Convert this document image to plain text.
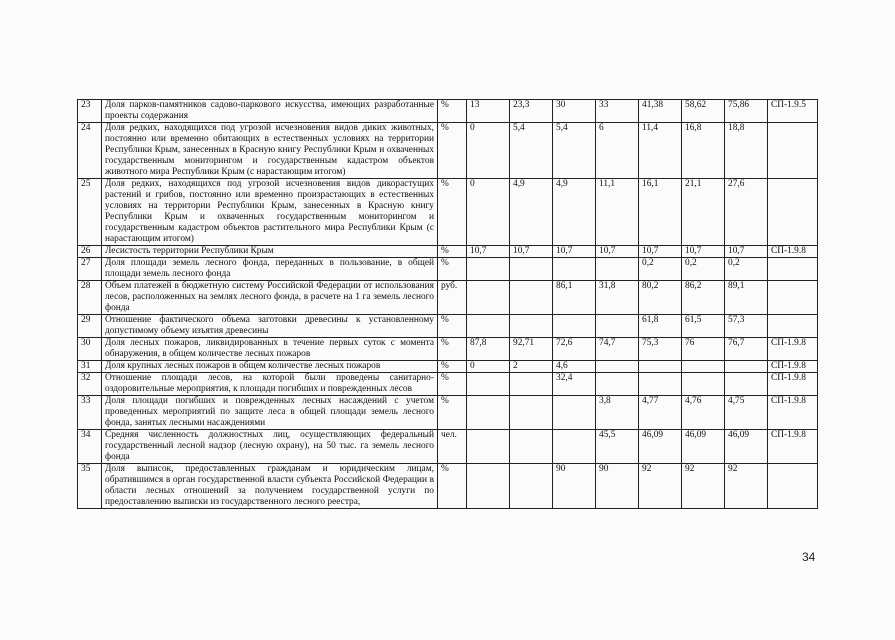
23	Доля парков-памятников садово-паркового искусства, имеющих разработанные проекты содержания	%	13	23,3	30	33	41,38	58,62	75,86	СП-1.9.5
24	Доля редких, находящихся под угрозой исчезновения видов диких животных, постоянно или временно обитающих в естественных условиях на территории Республики Крым, занесенных в Красную книгу Республики Крым и охваченных государственным мониторингом и государственным кадастром объектов животного мира Республики Крым (с нарастающим итогом)	%	0	5,4	5,4	6	11,4	16,8	18,8	
25	Доля редких, находящихся под угрозой исчезновения видов дикорастущих растений и грибов, постоянно или временно произрастающих в естественных условиях на территории Республики Крым, занесенных в Красную книгу Республики Крым и охваченных государственным мониторингом и государственным кадастром объектов растительного мира Республики Крым (с нарастающим итогом)	%	0	4,9	4,9	11,1	16,1	21,1	27,6	
26	Лесистость территории Республики Крым	%	10,7	10,7	10,7	10,7	10,7	10,7	10,7	СП-1.9.8
27	Доля площади земель лесного фонда, переданных в пользование, в общей площади земель лесного фонда	%					0,2	0,2	0,2	
28	Объем платежей в бюджетную систему Российской Федерации от использования лесов, расположенных на землях лесного фонда, в расчете на 1 га земель лесного фонда	руб.			86,1	31,8	80,2	86,2	89,1	
29	Отношение фактического объема заготовки древесины к установленному допустимому объему изъятия древесины	%					61,8	61,5	57,3	
30	Доля лесных пожаров, ликвидированных в течение первых суток с момента обнаружения, в общем количестве лесных пожаров	%	87,8	92,71	72,6	74,7	75,3	76	76,7	СП-1.9.8
31	Доля крупных лесных пожаров в общем количестве лесных пожаров	%	0	2	4,6					СП-1.9.8
32	Отношение площади лесов, на которой были проведены санитарно-оздоровительные мероприятия, к площади погибших и поврежденных лесов	%			32,4					СП-1.9.8
33	Доля площади погибших и поврежденных лесных насаждений с учетом проведенных мероприятий по защите леса в общей площади земель лесного фонда, занятых лесными насаждениями	%				3,8	4,77	4,76	4,75	СП-1.9.8
34	Средняя численность должностных лиц, осуществляющих федеральный государственный лесной надзор (лесную охрану), на 50 тыс. га земель лесного фонда	чел.				45,5	46,09	46,09	46,09	СП-1.9.8
35	Доля выписок, предоставленных гражданам и юридическим лицам, обратившимся в орган государственной власти субъекта Российской Федерации в области лесных отношений за получением государственной услуги по предоставлению выписки из государственного лесного реестра,	%			90	90	92	92	92	
34
